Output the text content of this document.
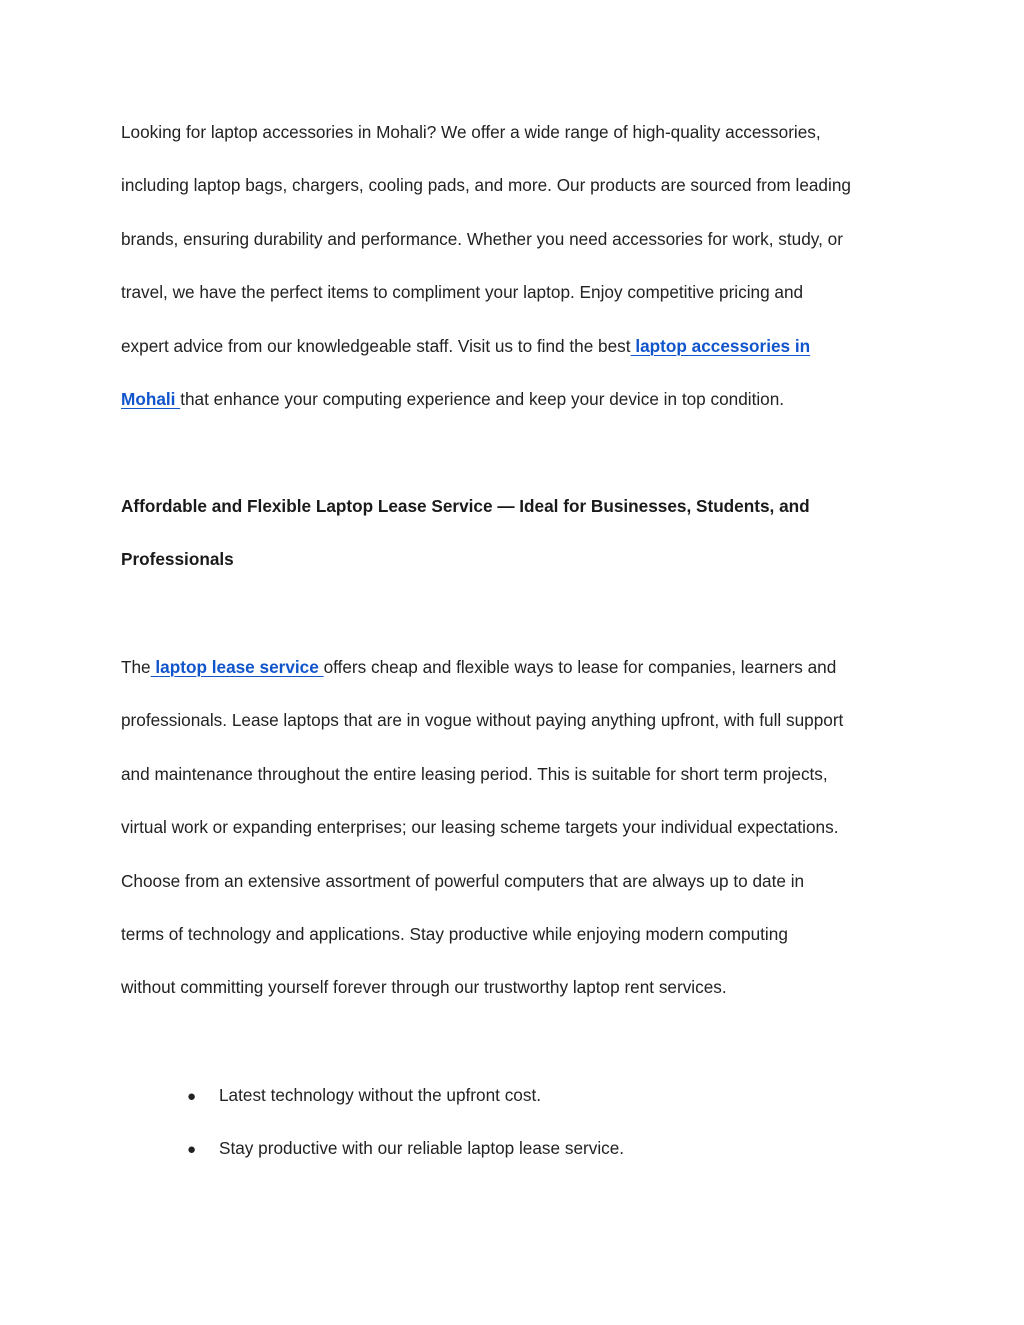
Looking for laptop accessories in Mohali? We offer a wide range of high-quality accessories,
including laptop bags, chargers, cooling pads, and more. Our products are sourced from leading
brands, ensuring durability and performance. Whether you need accessories for work, study, or
travel, we have the perfect items to compliment your laptop. Enjoy competitive pricing and
expert advice from our knowledgeable staff. Visit us to find the best laptop accessories in
Mohali that enhance your computing experience and keep your device in top condition.

Affordable and Flexible Laptop Lease Service — Ideal for Businesses, Students, and
Professionals

The laptop lease service offers cheap and flexible ways to lease for companies, learners and
professionals. Lease laptops that are in vogue without paying anything upfront, with full support
and maintenance throughout the entire leasing period. This is suitable for short term projects,
virtual work or expanding enterprises; our leasing scheme targets your individual expectations.
Choose from an extensive assortment of powerful computers that are always up to date in
terms of technology and applications. Stay productive while enjoying modern computing
without committing yourself forever through our trustworthy laptop rent services.

●	Latest technology without the upfront cost.
●	Stay productive with our reliable laptop lease service.
